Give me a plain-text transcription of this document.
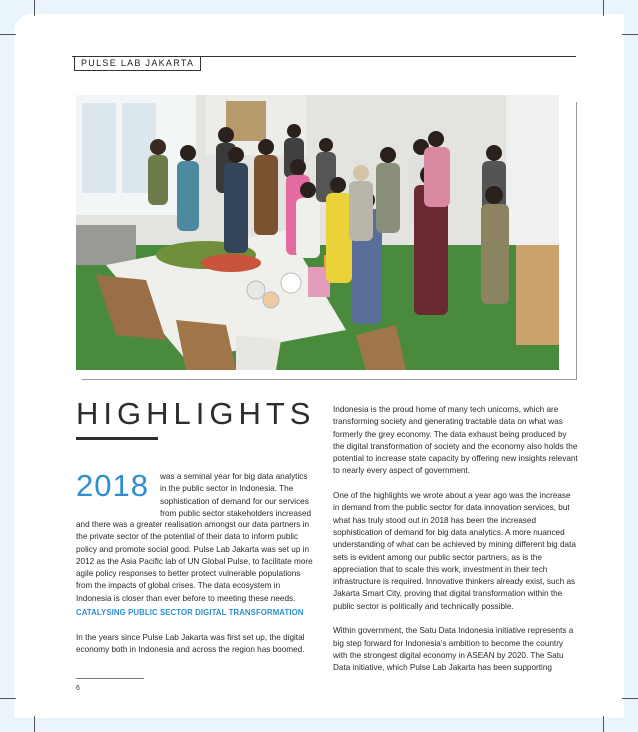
PULSE LAB JAKARTA
HIGHLIGHTS
2018 was a seminal year for big data analytics in the public sector in Indonesia. The sophistication of demand for our services from public sector stakeholders increased

and there was a greater realisation amongst our data partners in the private sector of the potential of their data to inform public policy and promote social good. Pulse Lab Jakarta was set up in 2012 as the Asia Pacific lab of UN Global Pulse, to facilitate more agile policy responses to better protect vulnerable populations from the impacts of global crises. The data ecosystem in Indonesia is closer than ever before to meeting these needs.

CATALYSING PUBLIC SECTOR DIGITAL TRANSFORMATION

In the years since Pulse Lab Jakarta was first set up, the digital economy both in Indonesia and across the region has boomed.

Indonesia is the proud home of many tech unicorns, which are transforming society and generating tractable data on what was formerly the grey economy. The data exhaust being produced by the digital transformation of society and the economy also holds the potential to increase state capacity by offering new insights relevant to nearly every aspect of government.

One of the highlights we wrote about a year ago was the increase in demand from the public sector for data innovation services, but what has truly stood out in 2018 has been the increased sophistication of demand for big data analytics. A more nuanced understanding of what can be achieved by mining different big data sets is evident among our public sector partners, as is the appreciation that to scale this work, investment in their tech infrastructure is required. Innovative thinkers already exist, such as Jakarta Smart City, proving that digital transformation within the public sector is politically and technically possible.

Within government, the Satu Data Indonesia initiative represents a big step forward for Indonesia's ambition to become the country with the strongest digital economy in ASEAN by 2020. The Satu Data initiative, which Pulse Lab Jakarta has been supporting

6
